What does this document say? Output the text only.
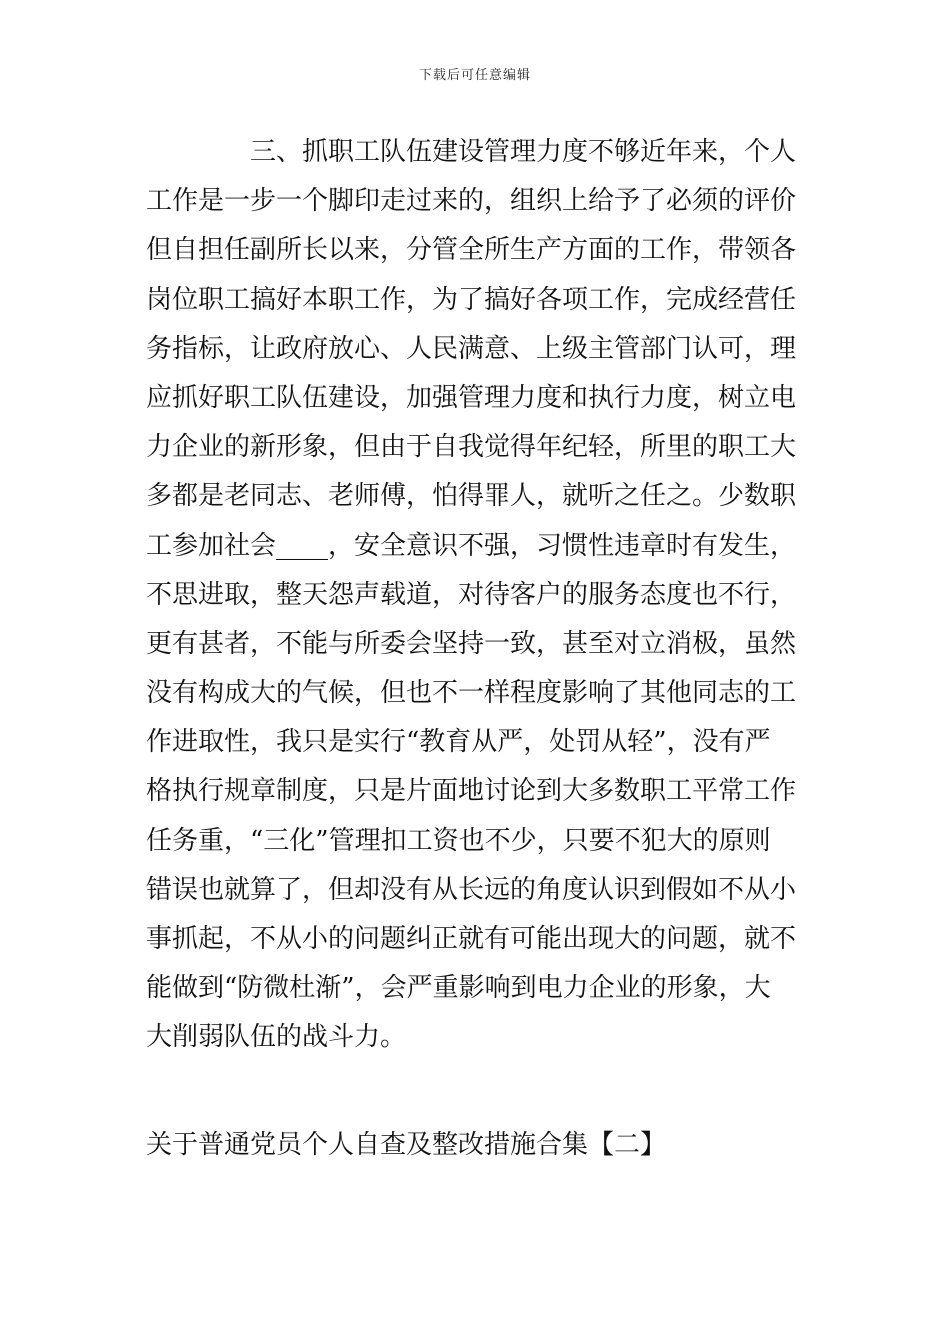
下载后可任意编辑
三、抓职工队伍建设管理力度不够近年来，个人
工作是一步一个脚印走过来的，组织上给予了必须的评价
但自担任副所长以来，分管全所生产方面的工作，带领各
岗位职工搞好本职工作，为了搞好各项工作，完成经营任
务指标，让政府放心、人民满意、上级主管部门认可，理
应抓好职工队伍建设，加强管理力度和执行力度，树立电
力企业的新形象，但由于自我觉得年纪轻，所里的职工大
多都是老同志、老师傅，怕得罪人，就听之任之。少数职
工参加社会____，安全意识不强，习惯性违章时有发生，
不思进取，整天怨声载道，对待客户的服务态度也不行，
更有甚者，不能与所委会坚持一致，甚至对立消极，虽然
没有构成大的气候，但也不一样程度影响了其他同志的工
作进取性，我只是实行“教育从严，处罚从轻”，没有严
格执行规章制度，只是片面地讨论到大多数职工平常工作
任务重，“三化”管理扣工资也不少，只要不犯大的原则
错误也就算了，但却没有从长远的角度认识到假如不从小
事抓起，不从小的问题纠正就有可能出现大的问题，就不
能做到“防微杜渐”，会严重影响到电力企业的形象，大
大削弱队伍的战斗力。
关于普通党员个人自查及整改措施合集【二】
